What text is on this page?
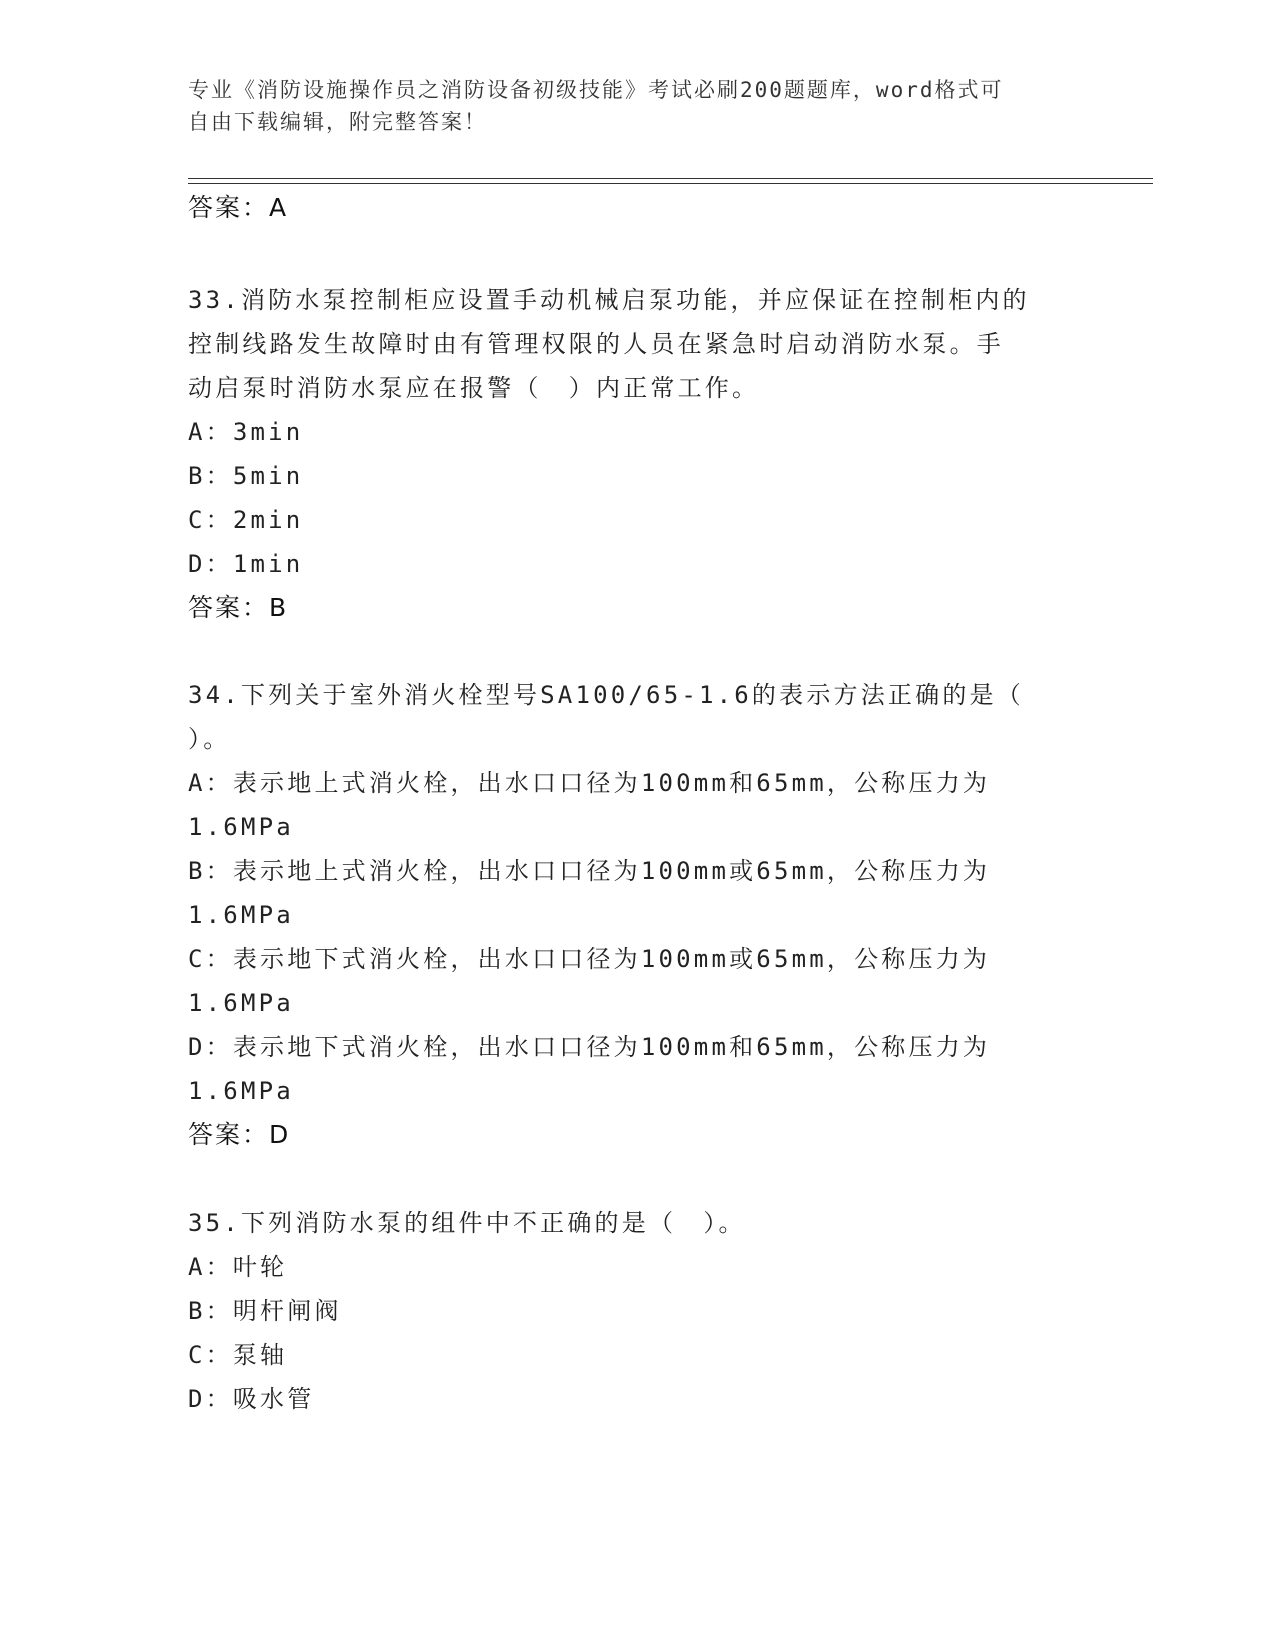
专业《消防设施操作员之消防设备初级技能》考试必刷200题题库，word格式可
自由下载编辑，附完整答案！
答案：A
33.消防水泵控制柜应设置手动机械启泵功能，并应保证在控制柜内的
控制线路发生故障时由有管理权限的人员在紧急时启动消防水泵。手
动启泵时消防水泵应在报警（　）内正常工作。
A：3min
B：5min
C：2min
D：1min
答案：B
34.下列关于室外消火栓型号SA100/65-1.6的表示方法正确的是（
）。
A：表示地上式消火栓，出水口口径为100mm和65mm，公称压力为
1.6MPa
B：表示地上式消火栓，出水口口径为100mm或65mm，公称压力为
1.6MPa
C：表示地下式消火栓，出水口口径为100mm或65mm，公称压力为
1.6MPa
D：表示地下式消火栓，出水口口径为100mm和65mm，公称压力为
1.6MPa
答案：D
35.下列消防水泵的组件中不正确的是（　）。
A：叶轮
B：明杆闸阀
C：泵轴
D：吸水管
